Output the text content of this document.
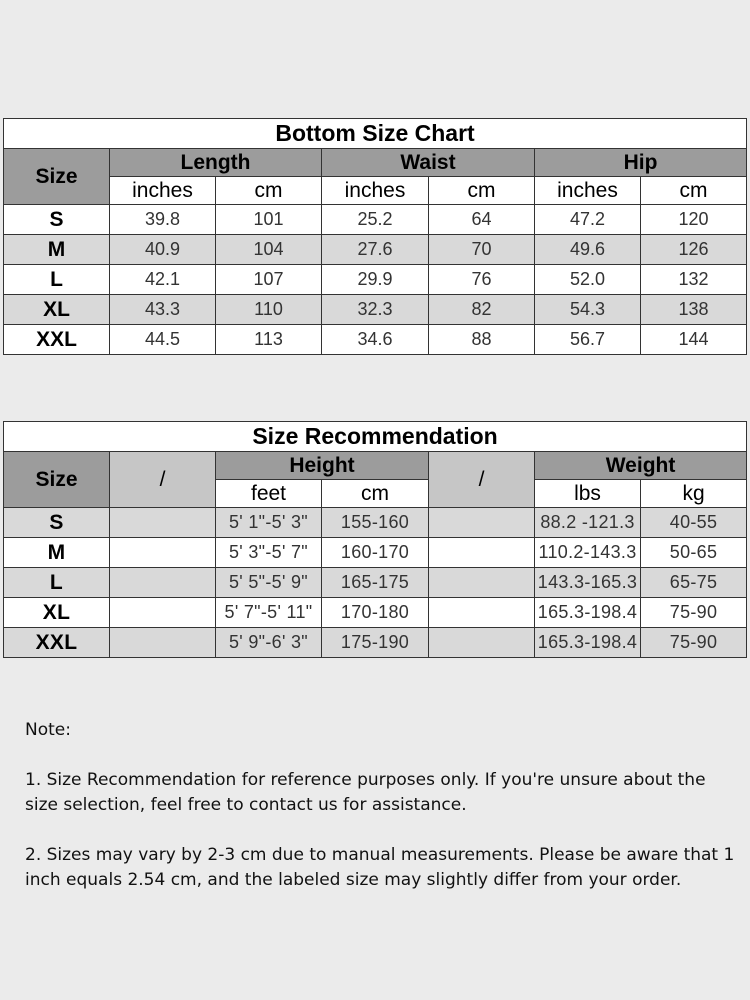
Bottom Size Chart						
Size	Length		Waist		Hip	
	inches	cm	inches	cm	inches	cm
S	39.8	101	25.2	64	47.2	120
M	40.9	104	27.6	70	49.6	126
L	42.1	107	29.9	76	52.0	132
XL	43.3	110	32.3	82	54.3	138
XXL	44.5	113	34.6	88	56.7	144
Size Recommendation						
Size	/	Height		/	Weight	
		feet	cm		lbs	kg
S		5' 1"-5' 3"	155-160		88.2 -121.3	40-55
M		5' 3"-5' 7"	160-170		110.2-143.3	50-65
L		5' 5"-5' 9"	165-175		143.3-165.3	65-75
XL		5' 7"-5' 11"	170-180		165.3-198.4	75-90
XXL		5' 9"-6' 3"	175-190		165.3-198.4	75-90

Note:

1. Size Recommendation for reference purposes only. If you're unsure about the size selection, feel free to contact us for assistance.

2. Sizes may vary by 2-3 cm due to manual measurements. Please be aware that 1 inch equals 2.54 cm, and the labeled size may slightly differ from your order.
